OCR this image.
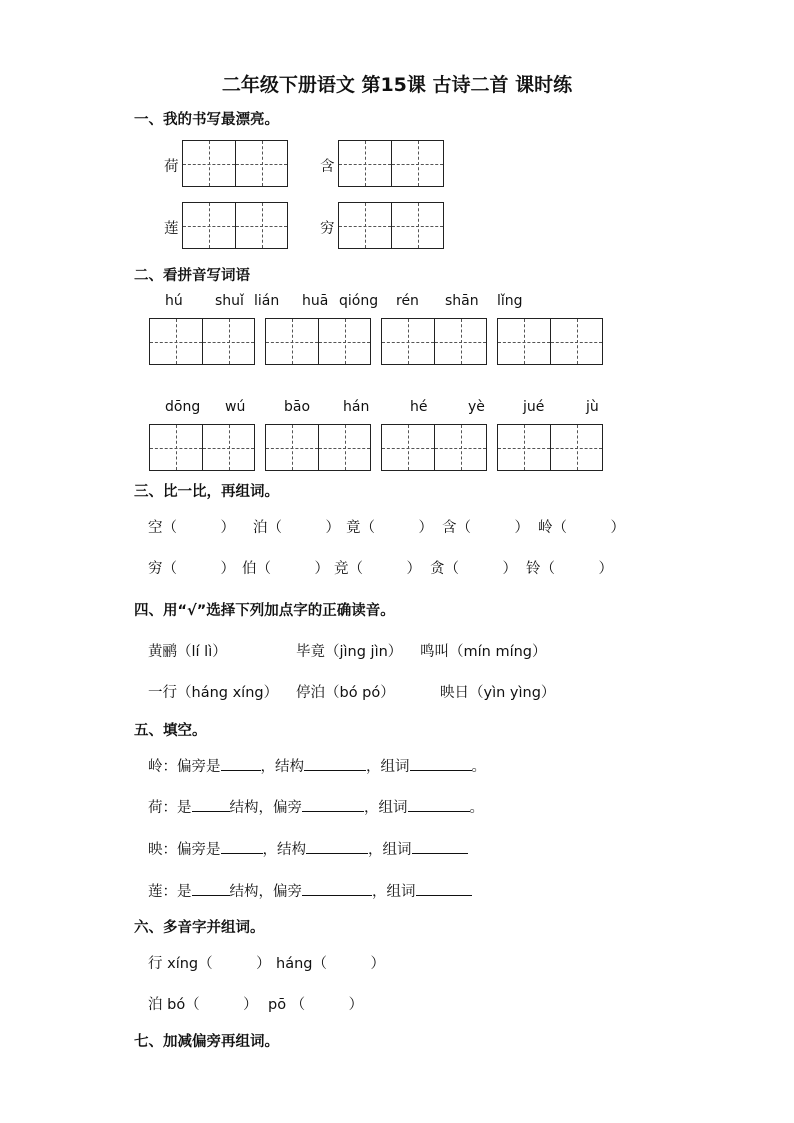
二年级下册语文 第15课 古诗二首 课时练
一、我的书写最漂亮。
荷	含
莲	穷
二、看拼音写词语
hú shuǐ lián huā qióng rén shān lǐng
dōng wú	bāo hán	hé	yè	jué	jù
三、比一比，再组词。
空（　　　） 泊（　　　） 竟（　　　） 含（　　　） 岭（　　　）
穷（　　　） 伯（　　　） 竞（　　　） 贪（　　　） 铃（　　　）
四、用“√”选择下列加点字的正确读音。
黄鹂（lí lì）	毕竟（jìng jìn） 鸣叫（mín míng）
一行（háng xíng） 停泊（bó pó）	映日（yìn yìng）
五、填空。
岭：偏旁是	，结构	，组词	。
荷：是	结构，偏旁	，组词	。
映：偏旁是	，结构	，组词
莲：是	结构，偏旁	，组词
六、多音字并组词。
行 xíng（　　　） háng（　　　）
泊 bó（　　　） pō （　　　）
七、加减偏旁再组词。
